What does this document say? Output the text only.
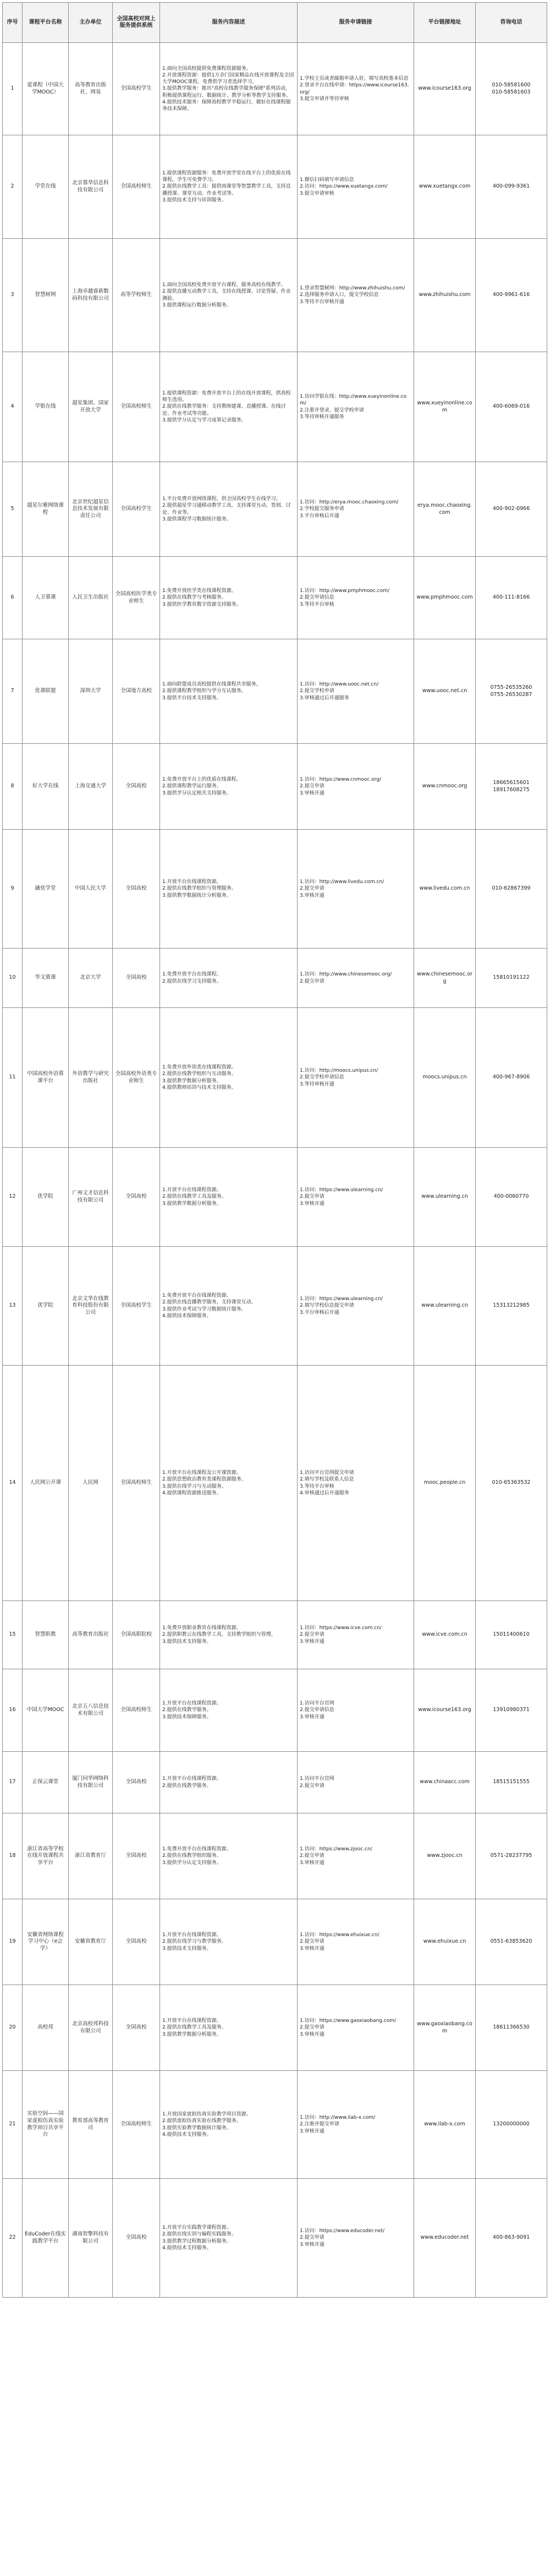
序号	课程平台名称	主办单位	全国高校对网上服务提供系统	服务内容描述	服务申请链接	平台链接地址	咨询电话
1	爱课程（中国大学MOOC）	高等教育出版社、网易	全国高校学生	1.面向全国高校提供免费课程资源服务。
2.开放课程资源：提供1万余门国家精品在线开放课程及全国大学MOOC课程，免费供学习者选择学习。
3.提供教学服务：推出"高校在线教学服务保障"系列活动，积极提供课程运行、数据统计、教学分析等教学支持服务。
4.提供技术服务：保障高校教学平稳运行，做好在线课程服务技术保障。	1.学校主页或者邮箱申请入驻，填写高校基本信息
2.登录平台在线申请：https://www.icourse163.org/
3.提交申请并等待审核	www.icourse163.org	010-58581600
010-58581603
2	学堂在线	北京慕华信息科技有限公司	全国高校师生	1.提供课程资源服务：免费开放学堂在线平台上的优质在线课程，学生可免费学习。
2.提供在线教学工具：提供雨课堂等智慧教学工具，支持直播授课、课堂互动、作业考试等。
3.提供技术支持与培训服务。	1.微信扫码填写申请信息
2.访问：https://www.xuetangx.com/
3.提交申请审核	www.xuetangx.com	400-099-9361
3	智慧树网	上海卓越睿新数码科技有限公司	高等学校师生	1.面向全国高校免费开放平台课程，服务高校在线教学。
2.提供直播互动教学工具，支持在线授课、讨论答疑、作业测验。
3.提供课程运行数据分析服务。	1.登录智慧树网：http://www.zhihuishu.com/
2.选择服务申请入口，提交学校信息
3.等待平台审核开通	www.zhihuishu.com	400-9961-616
4	学银在线	超星集团、国家开放大学	全国高校师生	1.提供课程资源：免费开放平台上的在线开放课程，供高校师生选用。
2.提供在线教学服务：支持教师建课、直播授课、在线讨论、作业考试等功能。
3.提供学分认定与学习成果记录服务。	1.访问学银在线：http://www.xueyinonline.com/
2.注册并登录，提交学校申请
3.等待审核开通服务	www.xueyinonline.com	400-6069-016
5	超星尔雅网络课程	北京世纪超星信息技术发展有限责任公司	全国高校学生	1.平台免费开放网络课程，供全国高校学生在线学习。
2.提供超星学习通移动教学工具，支持课堂互动、签到、讨论、作业等。
3.提供课程学习数据统计服务。	1.访问：http://erya.mooc.chaoxing.com/
2.学校提交服务申请
3.平台审核后开通	erya.mooc.chaoxing.com	400-902-0966
6	人卫慕课	人民卫生出版社	全国高校医学类专业师生	1.免费开放医学类在线课程资源。
2.提供在线教学与考核服务。
3.提供医学教育数字资源支持服务。	1.访问：http://www.pmphmooc.com/
2.提交申请信息
3.等待平台审核	www.pmphmooc.com	400-111-8166
7	优课联盟	深圳大学	全国地方高校	1.面向联盟成员高校提供在线课程共享服务。
2.提供课程教学组织与学分互认服务。
3.提供平台技术支持服务。	1.访问：http://www.uooc.net.cn/
2.提交学校申请
3.审核通过后开通服务	www.uooc.net.cn	0755-26535260
0755-26530287
8	好大学在线	上海交通大学	全国高校	1.免费开放平台上的优质在线课程。
2.提供课程教学运行服务。
3.提供学分认定相关支持服务。	1.访问：https://www.cnmooc.org/
2.提交申请
3.审核开通	www.cnmooc.org	18665615601
18917608275
9	融优学堂	中国人民大学	全国高校	1.开放平台在线课程资源。
2.提供在线教学组织与管理服务。
3.提供教学数据统计分析服务。	1.访问：http://www.livedu.com.cn/
2.提交申请
3.审核开通	www.livedu.com.cn	010-62867399
10	华文慕课	北京大学	全国高校	1.免费开放平台在线课程。
2.提供在线学习支持服务。	1.访问：http://www.chinesemooc.org/
2.提交申请	www.chinesemooc.org	15810191122
11	中国高校外语慕课平台	外语教学与研究出版社	全国高校外语类专业师生	1.免费开放外语类在线课程资源。
2.提供在线教学组织与互动服务。
3.提供教学数据分析服务。
4.提供教师培训与技术支持服务。	1.访问：http://moocs.unipus.cn/
2.提交学校申请信息
3.等待审核开通	moocs.unipus.cn	400-967-8906
12	优学院	广州文才信息科技有限公司	全国高校	1.开放平台在线课程资源。
2.提供在线教学工具及服务。
3.提供教学数据分析服务。	1.访问：https://www.ulearning.cn/
2.提交申请
3.审核开通	www.ulearning.cn	400-0060770
13	优学院	北京文华在线教育科技股份有限公司	全国高校学生	1.免费开放平台在线课程资源。
2.提供在线直播教学服务，支持课堂互动。
3.提供作业考试与学习数据统计服务。
4.提供技术保障服务。	1.访问：https://www.ulearning.cn/
2.填写学校信息提交申请
3.平台审核后开通	www.ulearning.cn	15313212985
14	人民网公开课	人民网	全国高校师生	1.开放平台在线课程及公开课资源。
2.提供思想政治教育类课程资源服务。
3.提供在线学习与互动服务。
4.提供课程资源推送服务。	1.访问平台官网提交申请
2.填写学校及联系人信息
3.等待平台审核
4.审核通过后开通服务	mooc.people.cn	010-65363532
15	智慧职教	高等教育出版社	全国高职院校	1.免费开放职业教育在线课程资源。
2.提供职教云在线教学工具，支持教学组织与管理。
3.提供技术支持服务。	1.访问：https://www.icve.com.cn/
2.提交申请
3.审核开通	www.icve.com.cn	15011400610
16	中国大学MOOC	北京五八信息技术有限公司	全国高校师生	1.开放平台在线课程资源。
2.提供在线教学服务。
3.提供技术保障服务。	1.访问平台官网
2.提交申请信息
3.审核开通	www.icourse163.org	13910980371
17	正保云课堂	厦门同华网络科技有限公司	全国高校	1.开放平台在线课程资源。
2.提供在线教学服务。	1.访问平台官网
2.提交申请	www.chinaacc.com	18515151555
18	浙江省高等学校在线开放课程共享平台	浙江省教育厅	全国高校	1.免费开放平台在线课程资源。
2.提供在线教学组织服务。
3.提供学分认定支持服务。	1.访问：https://www.zjooc.cn/
2.提交申请
3.审核开通	www.zjooc.cn	0571-28237795
19	安徽省网络课程学习中心（e会学）	安徽省教育厅	全国高校	1.开放平台在线课程资源。
2.提供在线学习与教学服务。
3.提供技术支持服务。	1.访问：https://www.ehuixue.cn/
2.提交申请
3.审核开通	www.ehuixue.cn	0551-63853620
20	高校邦	北京高校邦科技有限公司	全国高校	1.开放平台在线课程资源。
2.提供在线教学工具及服务。
3.提供教学数据分析服务。	1.访问：https://www.gaoxiaobang.com/
2.提交申请
3.审核开通	www.gaoxiaobang.com	18611366530
21	实验空间——国家虚拟仿真实验教学项目共享平台	教育部高等教育司	全国高校师生	1.开放国家虚拟仿真实验教学项目资源。
2.提供虚拟仿真实验在线教学服务。
3.提供实验教学数据统计服务。
4.提供技术支持服务。	1.访问：http://www.ilab-x.com/
2.注册并提交申请
3.审核开通	www.ilab-x.com	13200000000
22	EduCoder在线实践教学平台	湖南智擎科技有限公司	全国高校	1.开放平台实践教学课程资源。
2.提供在线实训与编程实践服务。
3.提供教学过程数据分析服务。
4.提供技术支持服务。	1.访问：https://www.educoder.net/
2.提交申请
3.审核开通	www.educoder.net	400-863-9091
